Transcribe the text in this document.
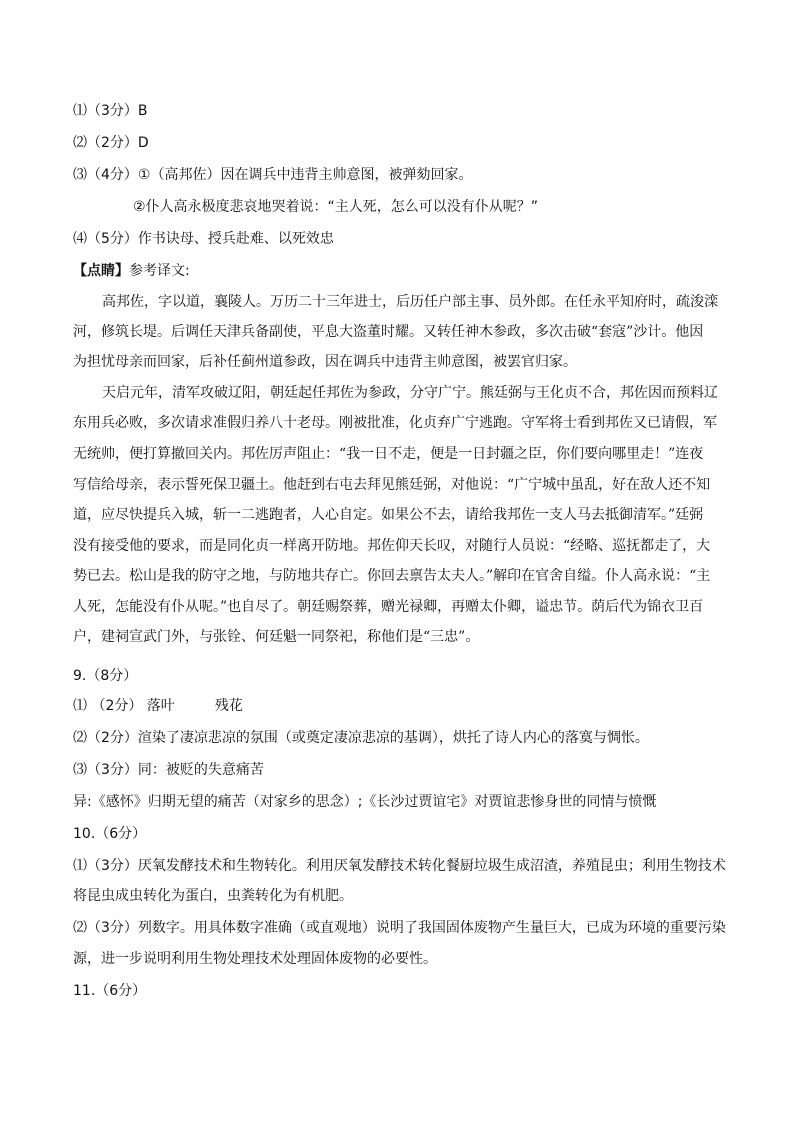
⑴（3分）B
⑵（2分）D
⑶（4分）①（高邦佐）因在调兵中违背主帅意图，被弹劾回家。
②仆人高永极度悲哀地哭着说：“主人死，怎么可以没有仆从呢？”
⑷（5分）作书诀母、授兵赴难、以死效忠
【点睛】参考译文:
高邦佐，字以道，襄陵人。万历二十三年进士，后历任户部主事、员外郎。在任永平知府时，疏浚滦
河，修筑长堤。后调任天津兵备副使，平息大盗董时耀。又转任神木参政，多次击破“套寇”沙计。他因
为担忧母亲而回家，后补任蓟州道参政，因在调兵中违背主帅意图，被罢官归家。
天启元年，清军攻破辽阳，朝廷起任邦佐为参政，分守广宁。熊廷弼与王化贞不合，邦佐因而预料辽
东用兵必败，多次请求准假归养八十老母。刚被批准，化贞弃广宁逃跑。守军将士看到邦佐又已请假，军
无统帅，便打算撤回关内。邦佐厉声阻止：“我一日不走，便是一日封疆之臣，你们要向哪里走！”连夜
写信给母亲，表示誓死保卫疆土。他赶到右屯去拜见熊廷弼，对他说：“广宁城中虽乱，好在敌人还不知
道，应尽快提兵入城，斩一二逃跑者，人心自定。如果公不去，请给我邦佐一支人马去抵御清军。”廷弼
没有接受他的要求，而是同化贞一样离开防地。邦佐仰天长叹，对随行人员说：“经略、巡抚都走了，大
势已去。松山是我的防守之地，与防地共存亡。你回去禀告太夫人。”解印在官舍自缢。仆人高永说：“主
人死，怎能没有仆从呢。”也自尽了。朝廷赐祭葬，赠光禄卿，再赠太仆卿，谥忠节。荫后代为锦衣卫百
户，建祠宣武门外，与张铨、何廷魁一同祭祀，称他们是“三忠”。
9.（8分）
⑴ （2分） 落叶	残花
⑵（2分）渲染了凄凉悲凉的氛围（或奠定凄凉悲凉的基调），烘托了诗人内心的落寞与惆怅。
⑶（3分）同：被贬的失意痛苦
异:《感怀》归期无望的痛苦（对家乡的思念）;《长沙过贾谊宅》对贾谊悲惨身世的同情与愤慨
10.（6分）
⑴（3分）厌氧发酵技术和生物转化。利用厌氧发酵技术转化餐厨垃圾生成沼渣，养殖昆虫；利用生物技术
将昆虫成虫转化为蛋白，虫粪转化为有机肥。
⑵（3分）列数字。用具体数字准确（或直观地）说明了我国固体废物产生量巨大，已成为环境的重要污染
源，进一步说明利用生物处理技术处理固体废物的必要性。
11.（6分）
